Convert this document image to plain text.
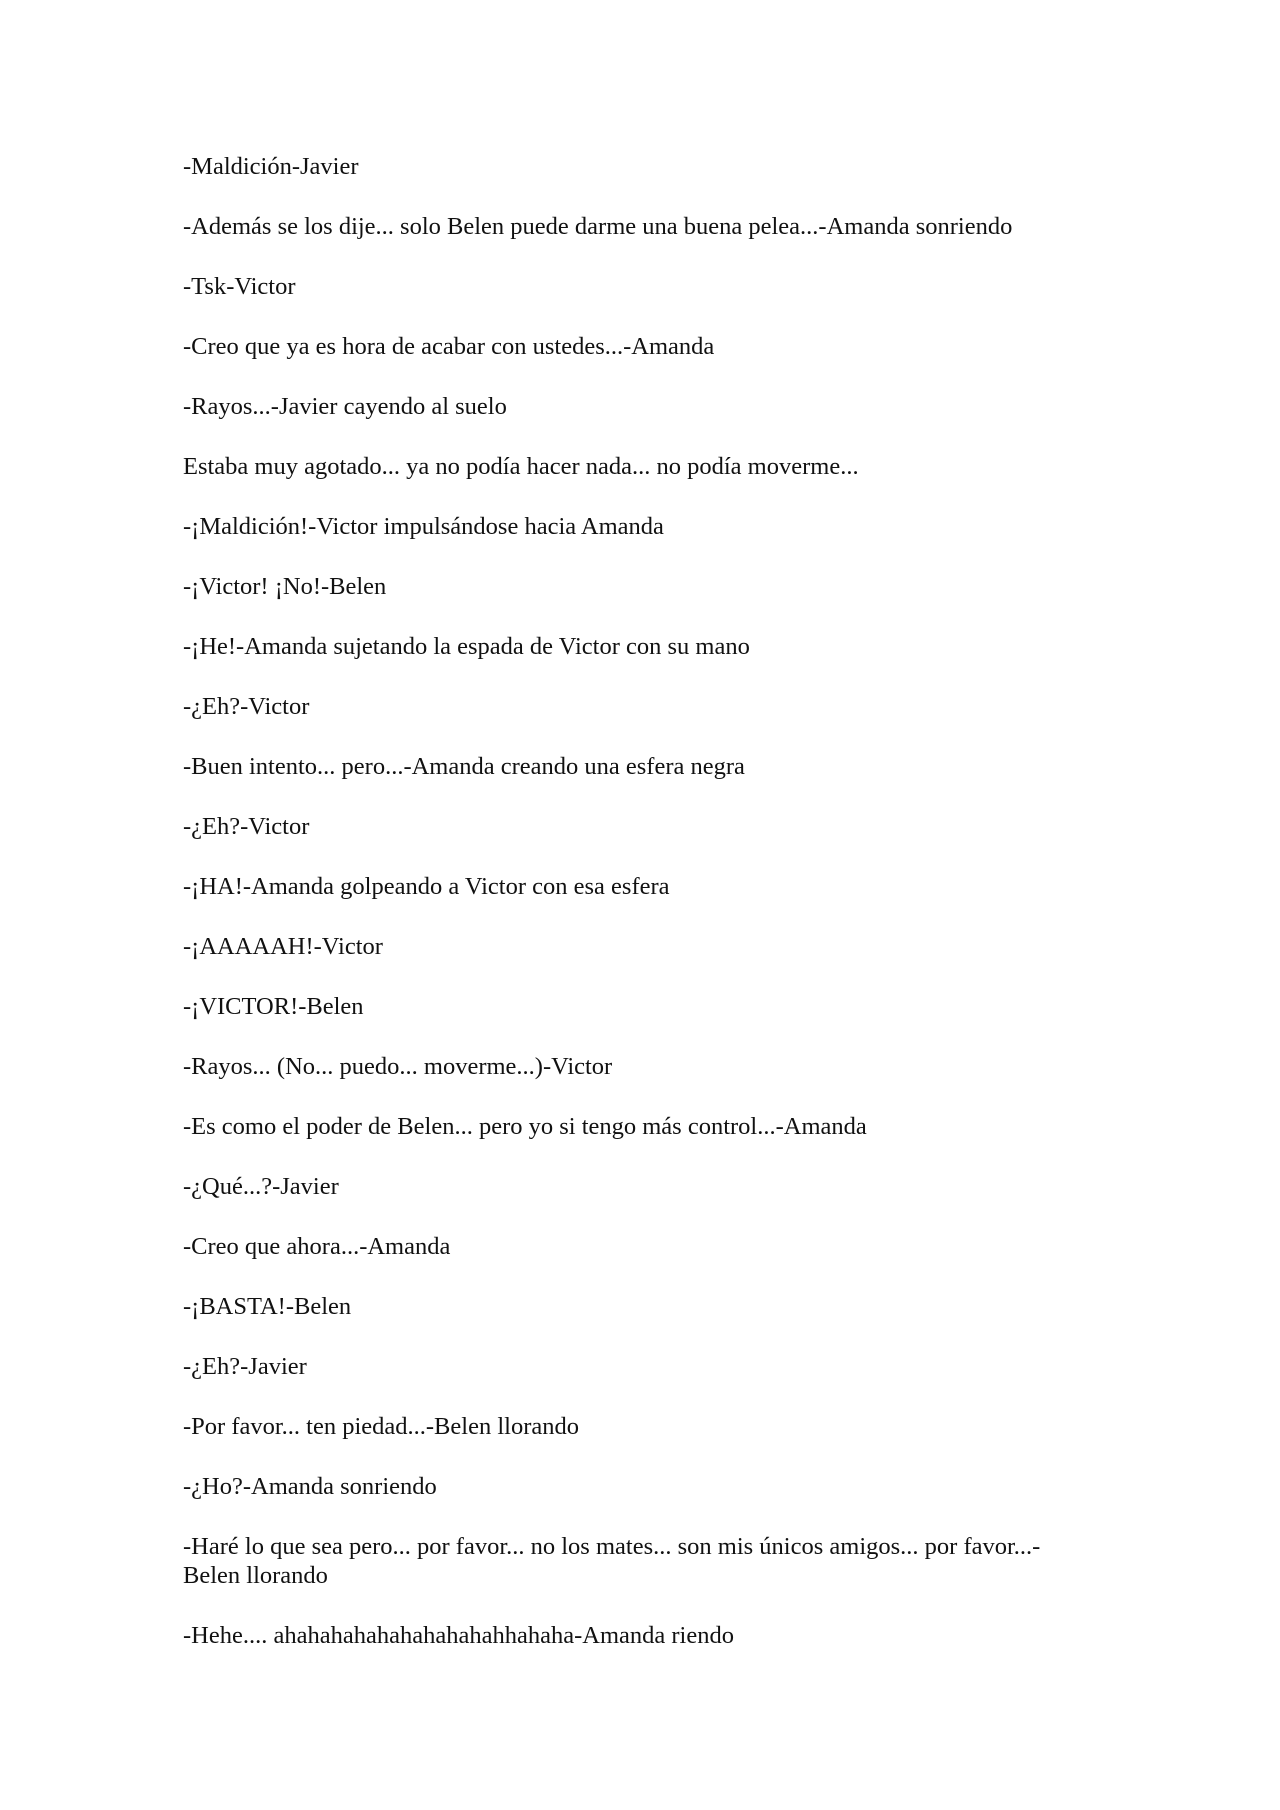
-Maldición-Javier

-Además se los dije... solo Belen puede darme una buena pelea...-Amanda sonriendo

-Tsk-Victor

-Creo que ya es hora de acabar con ustedes...-Amanda

-Rayos...-Javier cayendo al suelo

Estaba muy agotado... ya no podía hacer nada... no podía moverme...

-¡Maldición!-Victor impulsándose hacia Amanda

-¡Victor! ¡No!-Belen

-¡He!-Amanda sujetando la espada de Victor con su mano

-¿Eh?-Victor

-Buen intento... pero...-Amanda creando una esfera negra

-¿Eh?-Victor

-¡HA!-Amanda golpeando a Victor con esa esfera

-¡AAAAAH!-Victor

-¡VICTOR!-Belen

-Rayos... (No... puedo... moverme...)-Victor

-Es como el poder de Belen... pero yo si tengo más control...-Amanda

-¿Qué...?-Javier

-Creo que ahora...-Amanda

-¡BASTA!-Belen

-¿Eh?-Javier

-Por favor... ten piedad...-Belen llorando

-¿Ho?-Amanda sonriendo

-Haré lo que sea pero... por favor... no los mates... son mis únicos amigos... por favor...-Belen llorando

-Hehe.... ahahahahahahahahahahhahaha-Amanda riendo
